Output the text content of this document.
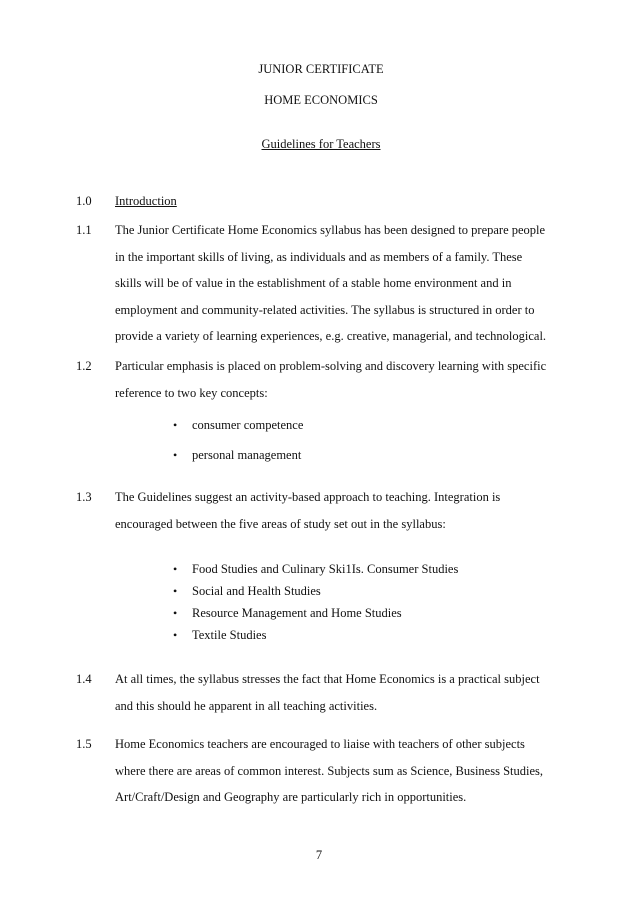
JUNIOR CERTIFICATE
HOME ECONOMICS
Guidelines for Teachers
1.0 Introduction
1.1 The Junior Certificate Home Economics syllabus has been designed to prepare people
in the important skills of living, as individuals and as members of a family. These
skills will be of value in the establishment of a stable home environment and in
employment and community-related activities. The syllabus is structured in order to
provide a variety of learning experiences, e.g. creative, managerial, and technological.
1.2 Particular emphasis is placed on problem-solving and discovery learning with specific
reference to two key concepts:
• consumer competence
• personal management
1.3 The Guidelines suggest an activity-based approach to teaching. Integration is
encouraged between the five areas of study set out in the syllabus:
• Food Studies and Culinary Ski1Is. Consumer Studies
• Social and Health Studies
• Resource Management and Home Studies
• Textile Studies
1.4 At all times, the syllabus stresses the fact that Home Economics is a practical subject
and this should he apparent in all teaching activities.
1.5 Home Economics teachers are encouraged to liaise with teachers of other subjects
where there are areas of common interest. Subjects sum as Science, Business Studies,
Art/Craft/Design and Geography are particularly rich in opportunities.
7
